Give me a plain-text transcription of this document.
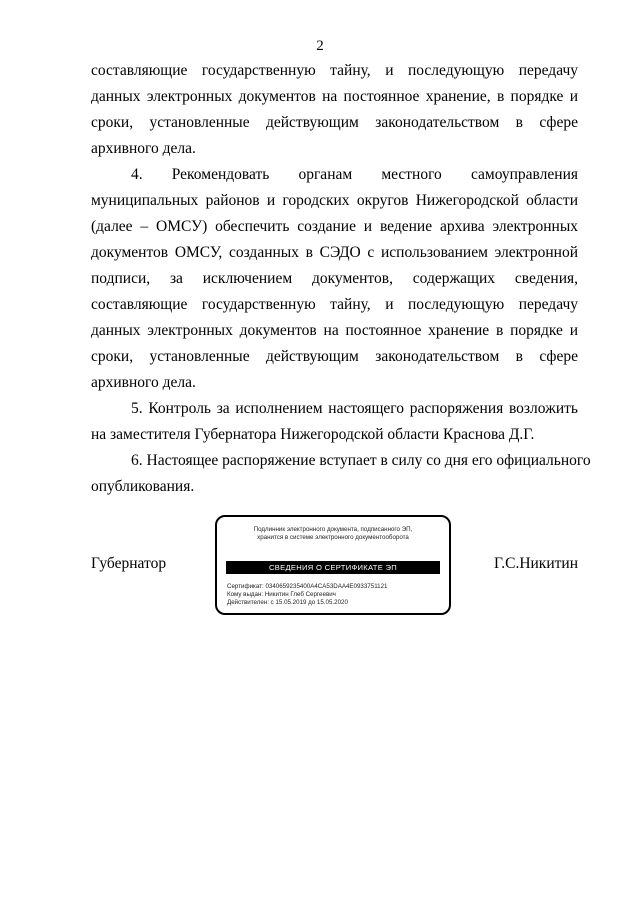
2

составляющие государственную тайну, и последующую передачу
данных электронных документов на постоянное хранение, в порядке и
сроки, установленные действующим законодательством в сфере
архивного дела.

4. Рекомендовать органам местного самоуправления
муниципальных районов и городских округов Нижегородской области
(далее – ОМСУ) обеспечить создание и ведение архива электронных
документов ОМСУ, созданных в СЭДО с использованием электронной
подписи, за исключением документов, содержащих сведения,
составляющие государственную тайну, и последующую передачу
данных электронных документов на постоянное хранение в порядке и
сроки, установленные действующим законодательством в сфере
архивного дела.

5. Контроль за исполнением настоящего распоряжения возложить
на заместителя Губернатора Нижегородской области Краснова Д.Г.

6. Настоящее распоряжение вступает в силу со дня его официального
опубликования.

Губернатор
Подлинник электронного документа, подписанного ЭП,
хранится в системе электронного документооборота
СВЕДЕНИЯ О СЕРТИФИКАТЕ ЭП
Сертификат: 0340659235400A4CA53DAA4E0933751121
Кому выдан: Никитин Глеб Сергеевич
Действителен: с 15.05.2019 до 15.05.2020
Г.С.Никитин
